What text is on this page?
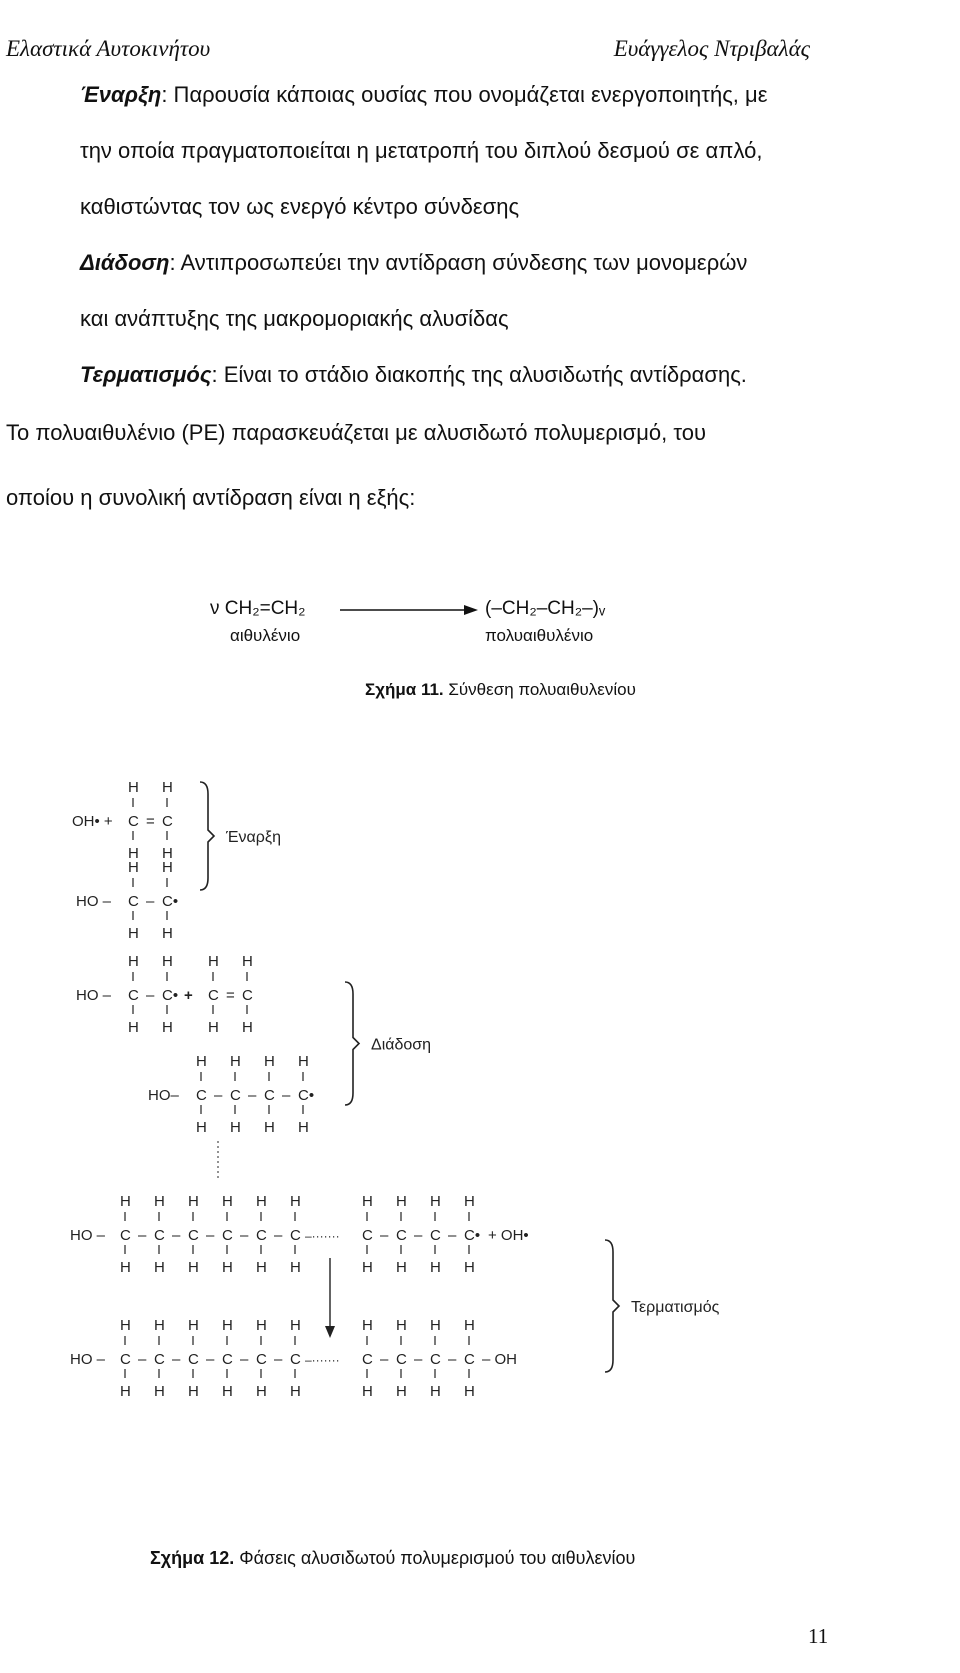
Ελαστικά Αυτοκινήτου	Ευάγγελος Ντριβαλάς
Έναρξη: Παρουσία κάποιας ουσίας που ονομάζεται ενεργοποιητής, με
την οποία πραγματοποιείται η μετατροπή του διπλού δεσμού σε απλό,
καθιστώντας τον ως ενεργό κέντρο σύνδεσης
Διάδοση: Αντιπροσωπεύει την αντίδραση σύνδεσης των μονομερών
και ανάπτυξης της μακρομοριακής αλυσίδας
Τερματισμός: Είναι το στάδιο διακοπής της αλυσιδωτής αντίδρασης.
Το πολυαιθυλένιο (PE) παρασκευάζεται με αλυσιδωτό πολυμερισμό, του
οποίου η συνολική αντίδραση είναι η εξής:
ν CH₂=CH₂
αιθυλένιο
(–CH₂–CH₂–)ᵥ
πολυαιθυλένιο
Σχήμα 11. Σύνθεση πολυαιθυλενίου
OH• +
H
C
H
=
H
C
H
HO –
H
C
H
–
H
C•
H
Έναρξη
HO –
H
C
H
–
H
C•
H
+
H
C
H
=
H
C
H
HO–
H
C
H
–
H
C
H
–
H
C
H
–
H
C•
H
Διάδοση
HO –
H
C
H
–
H
C
H
–
H
C
H
–
H
C
H
–
H
C
H
–
H
C
H
–·······
H
C
H
–
H
C
H
–
H
C
H
–
H
C•
H
+ OH•
HO –
H
C
H
–
H
C
H
–
H
C
H
–
H
C
H
–
H
C
H
–
H
C
H
–·······
H
C
H
–
H
C
H
–
H
C
H
–
H
C
H
– OH
Τερματισμός
Σχήμα 12. Φάσεις αλυσιδωτού πολυμερισμού του αιθυλενίου
11
